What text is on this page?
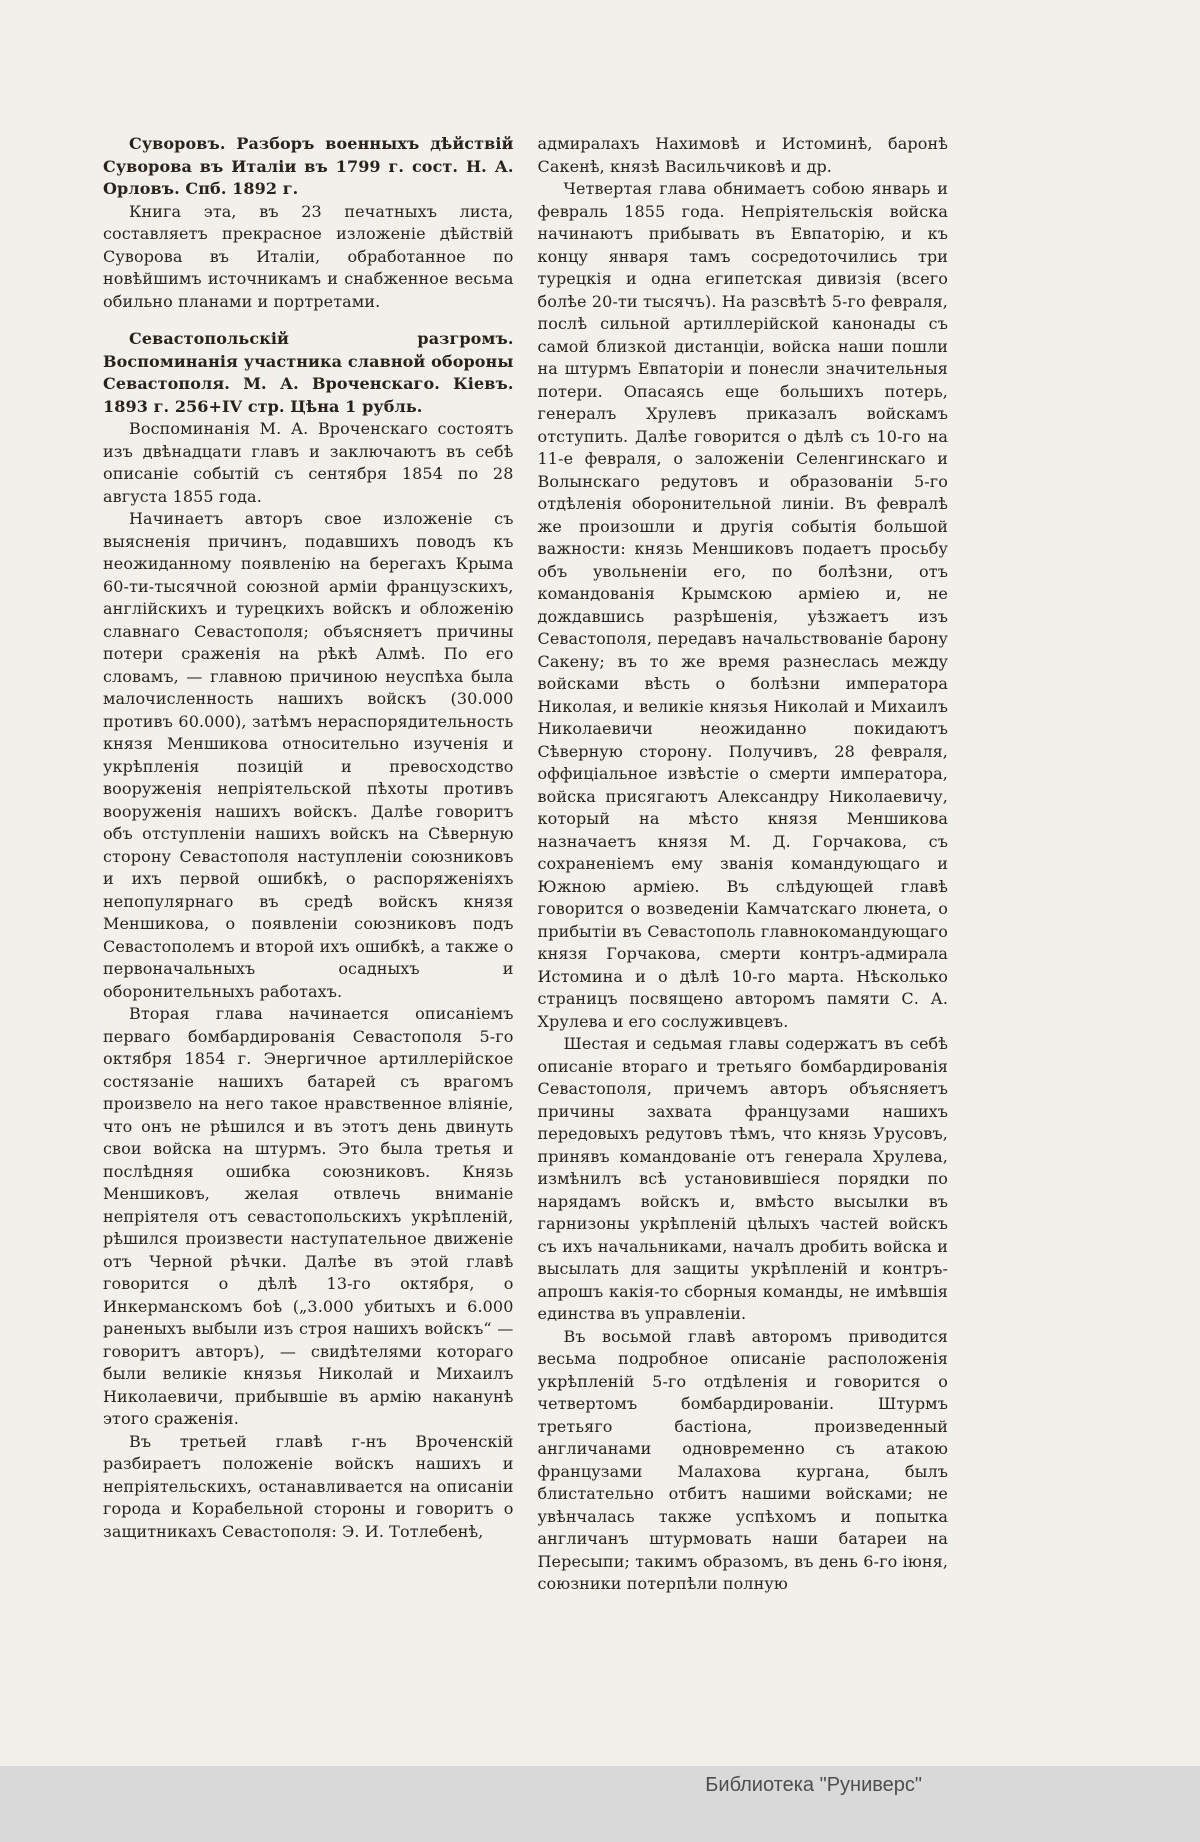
Суворовъ. Разборъ военныхъ дѣйствій Суворова въ Италіи въ 1799 г. сост. Н. А. Орловъ. Спб. 1892 г.

Книга эта, въ 23 печатныхъ листа, составляетъ прекрасное изложеніе дѣйствій Суворова въ Италіи, обработанное по новѣйшимъ источникамъ и снабженное весьма обильно планами и портретами.

Севастопольскій разгромъ. Воспоминанія участника славной обороны Севастополя. М. А. Вроченскаго. Кіевъ. 1893 г. 256+IV стр. Цѣна 1 рубль.

Воспоминанія М. А. Вроченскаго состоятъ изъ двѣнадцати главъ и заключаютъ въ себѣ описаніе событій съ сентября 1854 по 28 августа 1855 года.

Начинаетъ авторъ свое изложеніе съ выясненія причинъ, подавшихъ поводъ къ неожиданному появленію на берегахъ Крыма 60-ти-тысячной союзной арміи французскихъ, англійскихъ и турецкихъ войскъ и обложенію славнаго Севастополя; объясняетъ причины потери сраженія на рѣкѣ Алмѣ. По его словамъ, — главною причиною неуспѣха была малочисленность нашихъ войскъ (30.000 противъ 60.000), затѣмъ нераспорядительность князя Меншикова относительно изученія и укрѣпленія позицій и превосходство вооруженія непріятельской пѣхоты противъ вооруженія нашихъ войскъ. Далѣе говоритъ объ отступленіи нашихъ войскъ на Сѣверную сторону Севастополя наступленіи союзниковъ и ихъ первой ошибкѣ, о распоряженіяхъ непопулярнаго въ средѣ войскъ князя Меншикова, о появленіи союзниковъ подъ Севастополемъ и второй ихъ ошибкѣ, а также о первоначальныхъ осадныхъ и оборонительныхъ работахъ.

Вторая глава начинается описаніемъ перваго бомбардированія Севастополя 5-го октября 1854 г. Энергичное артиллерійское состязаніе нашихъ батарей съ врагомъ произвело на него такое нравственное вліяніе, что онъ не рѣшился и въ этотъ день двинуть свои войска на штурмъ. Это была третья и послѣдняя ошибка союзниковъ. Князь Меншиковъ, желая отвлечь вниманіе непріятеля отъ севастопольскихъ укрѣпленій, рѣшился произвести наступательное движеніе отъ Черной рѣчки. Далѣе въ этой главѣ говорится о дѣлѣ 13-го октября, о Инкерманскомъ боѣ („3.000 убитыхъ и 6.000 раненыхъ выбыли изъ строя нашихъ войскъ“ — говоритъ авторъ), — свидѣтелями котораго были великіе князья Николай и Михаилъ Николаевичи, прибывшіе въ армію наканунѣ этого сраженія.

Въ третьей главѣ г-нъ Вроченскій разбираетъ положеніе войскъ нашихъ и непріятельскихъ, останавливается на описаніи города и Корабельной стороны и говоритъ о защитникахъ Севастополя: Э. И. Тотлебенѣ,

адмиралахъ Нахимовѣ и Истоминѣ, баронѣ Сакенѣ, князѣ Васильчиковѣ и др.

Четвертая глава обнимаетъ собою январь и февраль 1855 года. Непріятельскія войска начинаютъ прибывать въ Евпаторію, и къ концу января тамъ сосредоточились три турецкія и одна египетская дивизія (всего болѣе 20-ти тысячъ). На разсвѣтѣ 5-го февраля, послѣ сильной артиллерійской канонады съ самой близкой дистанціи, войска наши пошли на штурмъ Евпаторіи и понесли значительныя потери. Опасаясь еще большихъ потерь, генералъ Хрулевъ приказалъ войскамъ отступить. Далѣе говорится о дѣлѣ съ 10-го на 11-е февраля, о заложеніи Селенгинскаго и Волынскаго редутовъ и образованіи 5-го отдѣленія оборонительной линіи. Въ февралѣ же произошли и другія событія большой важности: князь Меншиковъ подаетъ просьбу объ увольненіи его, по болѣзни, отъ командованія Крымскою арміею и, не дождавшись разрѣшенія, уѣзжаетъ изъ Севастополя, передавъ начальствованіе барону Сакену; въ то же время разнеслась между войсками вѣсть о болѣзни императора Николая, и великіе князья Николай и Михаилъ Николаевичи неожиданно покидаютъ Сѣверную сторону. Получивъ, 28 февраля, оффиціальное извѣстіе о смерти императора, войска присягаютъ Александру Николаевичу, который на мѣсто князя Меншикова назначаетъ князя М. Д. Горчакова, съ сохраненіемъ ему званія командующаго и Южною арміею. Въ слѣдующей главѣ говорится о возведеніи Камчатскаго люнета, о прибытіи въ Севастополь главнокомандующаго князя Горчакова, смерти контръ-адмирала Истомина и о дѣлѣ 10-го марта. Нѣсколько страницъ посвящено авторомъ памяти С. А. Хрулева и его сослуживцевъ.

Шестая и седьмая главы содержатъ въ себѣ описаніе втораго и третьяго бомбардированія Севастополя, причемъ авторъ объясняетъ причины захвата французами нашихъ передовыхъ редутовъ тѣмъ, что князь Урусовъ, принявъ командованіе отъ генерала Хрулева, измѣнилъ всѣ установившіеся порядки по нарядамъ войскъ и, вмѣсто высылки въ гарнизоны укрѣпленій цѣлыхъ частей войскъ съ ихъ начальниками, началъ дробить войска и высылать для защиты укрѣпленій и контръ-апрошъ какія-то сборныя команды, не имѣвшія единства въ управленіи.

Въ восьмой главѣ авторомъ приводится весьма подробное описаніе расположенія укрѣпленій 5-го отдѣленія и говорится о четвертомъ бомбардированіи. Штурмъ третьяго бастіона, произведенный англичанами одновременно съ атакою французами Малахова кургана, былъ блистательно отбитъ нашими войсками; не увѣнчалась также успѣхомъ и попытка англичанъ штурмовать наши батареи на Пересыпи; такимъ образомъ, въ день 6-го іюня, союзники потерпѣли полную

Библиотека "Руниверс"
